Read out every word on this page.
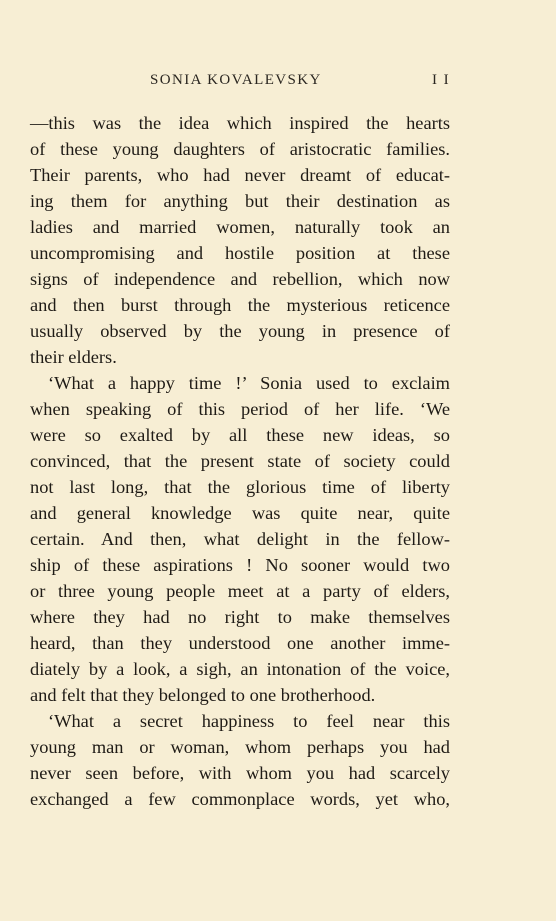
SONIA KOVALEVSKY	I I
—this was the idea which inspired the hearts
of these young daughters of aristocratic families.
Their parents, who had never dreamt of educat-
ing them for anything but their destination as
ladies and married women, naturally took an
uncompromising and hostile position at these
signs of independence and rebellion, which now
and then burst through the mysterious reticence
usually observed by the young in presence of
their elders.
‘What a happy time !’ Sonia used to exclaim
when speaking of this period of her life. ‘We
were so exalted by all these new ideas, so
convinced, that the present state of society could
not last long, that the glorious time of liberty
and general knowledge was quite near, quite
certain. And then, what delight in the fellow-
ship of these aspirations ! No sooner would two
or three young people meet at a party of elders,
where they had no right to make themselves
heard, than they understood one another imme-
diately by a look, a sigh, an intonation of the voice,
and felt that they belonged to one brotherhood.
‘What a secret happiness to feel near this
young man or woman, whom perhaps you had
never seen before, with whom you had scarcely
exchanged a few commonplace words, yet who,
